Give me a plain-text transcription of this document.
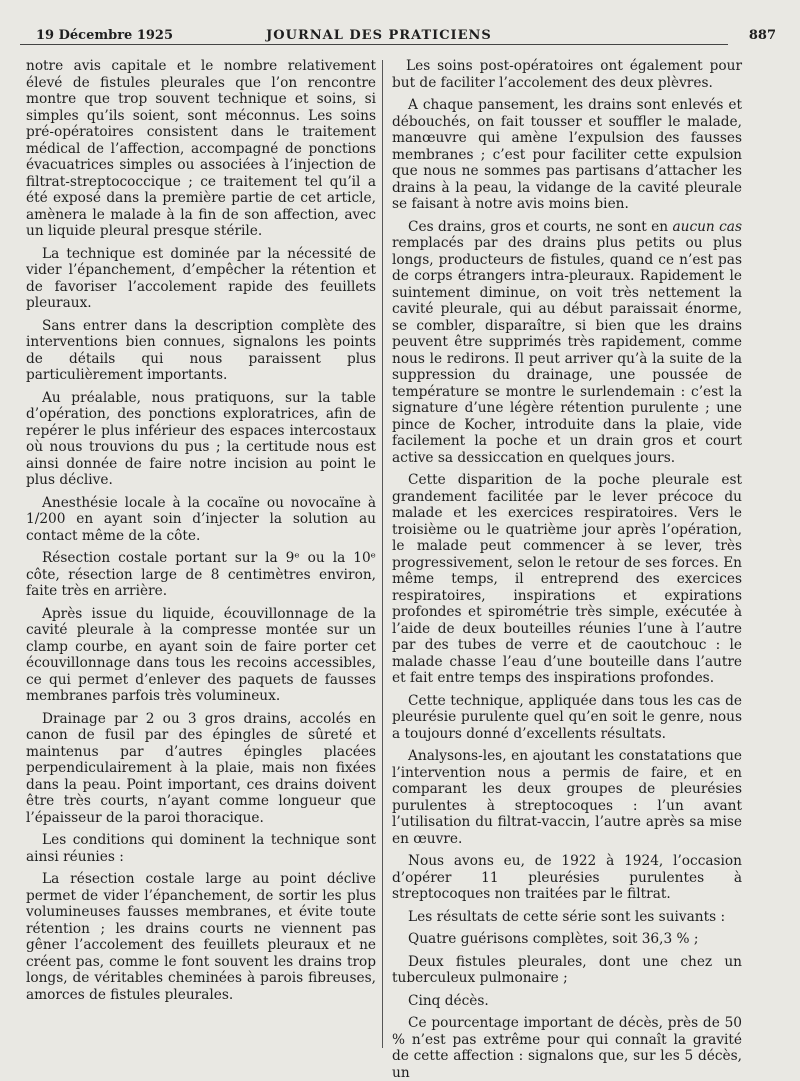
19 Décembre 1925	JOURNAL DES PRATICIENS	887

notre avis capitale et le nombre relativement élevé de fistules pleurales que l’on rencontre montre que trop souvent technique et soins, si simples qu’ils soient, sont méconnus. Les soins pré-opératoires consistent dans le traitement médical de l’affection, accompagné de ponctions évacuatrices simples ou associées à l’injection de filtrat-streptococcique ; ce traitement tel qu’il a été exposé dans la première partie de cet article, amènera le malade à la fin de son affection, avec un liquide pleural presque stérile.

La technique est dominée par la nécessité de vider l’épanchement, d’empêcher la rétention et de favoriser l’accolement rapide des feuillets pleuraux.

Sans entrer dans la description complète des interventions bien connues, signalons les points de détails qui nous paraissent plus particulièrement importants.

Au préalable, nous pratiquons, sur la table d’opération, des ponctions exploratrices, afin de repérer le plus inférieur des espaces intercostaux où nous trouvions du pus ; la certitude nous est ainsi donnée de faire notre incision au point le plus déclive.

Anesthésie locale à la cocaïne ou novocaïne à 1/200 en ayant soin d’injecter la solution au contact même de la côte.

Résection costale portant sur la 9ᵉ ou la 10ᵉ côte, résection large de 8 centimètres environ, faite très en arrière.

Après issue du liquide, écouvillonnage de la cavité pleurale à la compresse montée sur un clamp courbe, en ayant soin de faire porter cet écouvillonnage dans tous les recoins accessibles, ce qui permet d’enlever des paquets de fausses membranes parfois très volumineux.

Drainage par 2 ou 3 gros drains, accolés en canon de fusil par des épingles de sûreté et maintenus par d’autres épingles placées perpendiculairement à la plaie, mais non fixées dans la peau. Point important, ces drains doivent être très courts, n’ayant comme longueur que l’épaisseur de la paroi thoracique.

Les conditions qui dominent la technique sont ainsi réunies :

La résection costale large au point déclive permet de vider l’épanchement, de sortir les plus volumineuses fausses membranes, et évite toute rétention ; les drains courts ne viennent pas gêner l’accolement des feuillets pleuraux et ne créent pas, comme le font souvent les drains trop longs, de véritables cheminées à parois fibreuses, amorces de fistules pleurales.

Les soins post-opératoires ont également pour but de faciliter l’accolement des deux plèvres.

A chaque pansement, les drains sont enlevés et débouchés, on fait tousser et souffler le malade, manœuvre qui amène l’expulsion des fausses membranes ; c’est pour faciliter cette expulsion que nous ne sommes pas partisans d’attacher les drains à la peau, la vidange de la cavité pleurale se faisant à notre avis moins bien.

Ces drains, gros et courts, ne sont en aucun cas remplacés par des drains plus petits ou plus longs, producteurs de fistules, quand ce n’est pas de corps étrangers intra-pleuraux. Rapidement le suintement diminue, on voit très nettement la cavité pleurale, qui au début paraissait énorme, se combler, disparaître, si bien que les drains peuvent être supprimés très rapidement, comme nous le redirons. Il peut arriver qu’à la suite de la suppression du drainage, une poussée de température se montre le surlendemain : c’est la signature d’une légère rétention purulente ; une pince de Kocher, introduite dans la plaie, vide facilement la poche et un drain gros et court active sa dessiccation en quelques jours.

Cette disparition de la poche pleurale est grandement facilitée par le lever précoce du malade et les exercices respiratoires. Vers le troisième ou le quatrième jour après l’opération, le malade peut commencer à se lever, très progressivement, selon le retour de ses forces. En même temps, il entreprend des exercices respiratoires, inspirations et expirations profondes et spirométrie très simple, exécutée à l’aide de deux bouteilles réunies l’une à l’autre par des tubes de verre et de caoutchouc : le malade chasse l’eau d’une bouteille dans l’autre et fait entre temps des inspirations profondes.

Cette technique, appliquée dans tous les cas de pleurésie purulente quel qu’en soit le genre, nous a toujours donné d’excellents résultats.

Analysons-les, en ajoutant les constatations que l’intervention nous a permis de faire, et en comparant les deux groupes de pleurésies purulentes à streptocoques : l’un avant l’utilisation du filtrat-vaccin, l’autre après sa mise en œuvre.

Nous avons eu, de 1922 à 1924, l’occasion d’opérer 11 pleurésies purulentes à streptocoques non traitées par le filtrat.

Les résultats de cette série sont les suivants :

Quatre guérisons complètes, soit 36,3 % ;

Deux fistules pleurales, dont une chez un tuberculeux pulmonaire ;

Cinq décès.

Ce pourcentage important de décès, près de 50 % n’est pas extrême pour qui connaît la gravité de cette affection : signalons que, sur les 5 décès, un
